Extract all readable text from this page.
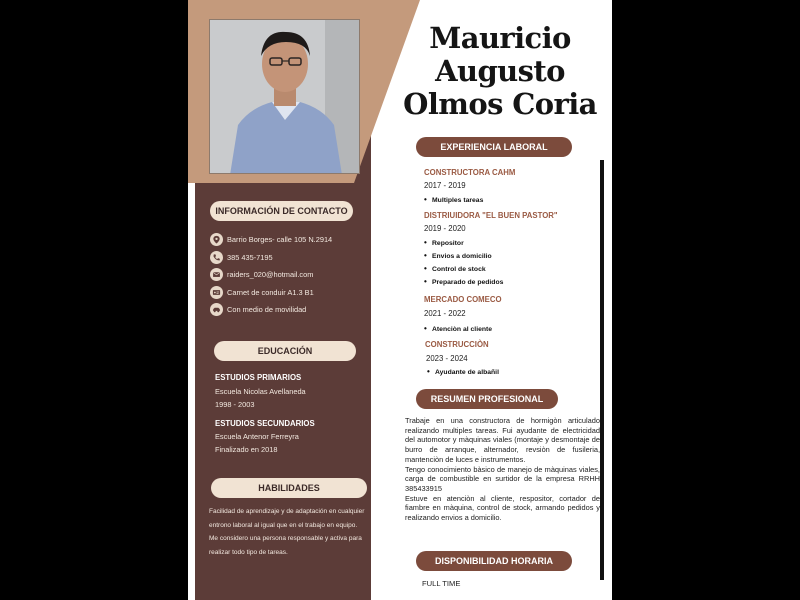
Mauricio
Augusto
Olmos Coria
INFORMACIÓN DE CONTACTO
Barrio Borges- calle 105 N.2914
385 435-7195
raiders_020@hotmail.com
Carnet de conduir A1.3 B1
Con medio de movilidad
EDUCACIÓN
ESTUDIOS PRIMARIOS
Escuela Nicolas Avellaneda
1998 - 2003
ESTUDIOS SECUNDARIOS
Escuela Antenor Ferreyra
Finalizado en 2018
HABILIDADES
Facilidad de aprendizaje y de adaptación en cualquier entrono laboral al igual que en el trabajo en equipo.
Me considero una persona responsable y activa para realizar todo tipo de tareas.
EXPERIENCIA LABORAL
CONSTRUCTORA CAHM
2017 - 2019
• Multiples tareas
DISTRIUIDORA "EL BUEN PASTOR"
2019 - 2020
• Repositor
• Envios a domicilio
• Control de stock
• Preparado de pedidos
MERCADO COMECO
2021 - 2022
• Atenciòn al cliente
CONSTRUCCIÒN
2023 - 2024
• Ayudante de albañil
RESUMEN PROFESIONAL
Trabaje en una constructora de hormigòn articulado realizando multiples tareas. Fui ayudante de electricidad del automotor y màquinas viales (montaje y desmontaje de burro de arranque, alternador, revsiòn de fusileria, mantenciòn de luces e instrumentos.
Tengo conocimiento bàsico de manejo de màquinas viales, carga de combustible en surtidor de la empresa RRHH 385433915
Estuve en atenciòn al cliente, respositor, cortador de fiambre en màquina, control de stock, armando pedidos y realizando envios a domicilio.
DISPONIBILIDAD HORARIA
FULL TIME
